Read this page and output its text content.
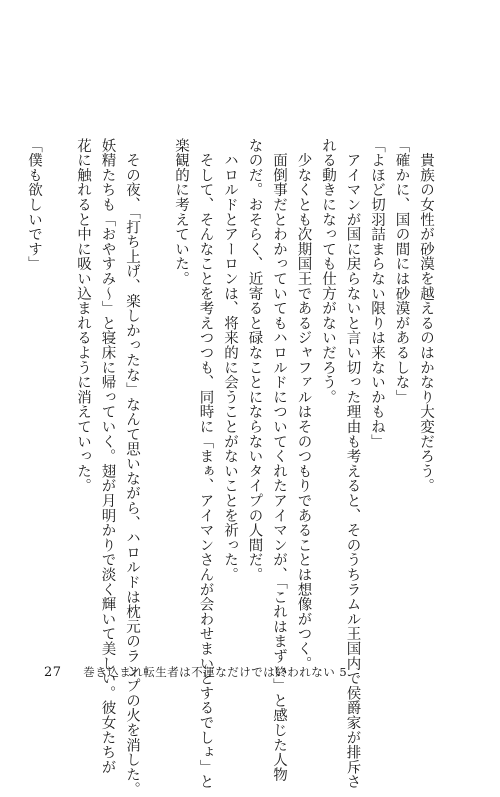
　貴族の女性が砂漠を越えるのはかなり大変だろう。
「確かに、国の間には砂漠があるしな」
「よほど切羽詰まらない限りは来ないかもね」
　アイマンが国に戻らないと言い切った理由も考えると、そのうちラムル王国内で侯爵家が排斥さ
れる動きになっても仕方がないだろう。
　少なくとも次期国王であるジャファルはそのつもりであることは想像がつく。
　面倒事だとわかっていてもハロルドについてくれたアイマンが、「これはまずい」と感じた人物
なのだ。おそらく、近寄ると碌なことにならないタイプの人間だ。
　ハロルドとアーロンは、将来的に会うことがないことを祈った。
　そして、そんなことを考えつつも、同時に「まぁ、アイマンさんが会わせまいとするでしょ」と
楽観的に考えていた。

　その夜、「打ち上げ、楽しかったな」なんて思いながら、ハロルドは枕元のランプの火を消した。
妖精たちも「おやすみ～」と寝床に帰っていく。翅が月明かりで淡く輝いて美しい。彼女たちが
花に触れると中に吸い込まれるように消えていった。

「僕も欲しいです」
27 巻き込まれ転生者は不運なだけでは終われない 5
